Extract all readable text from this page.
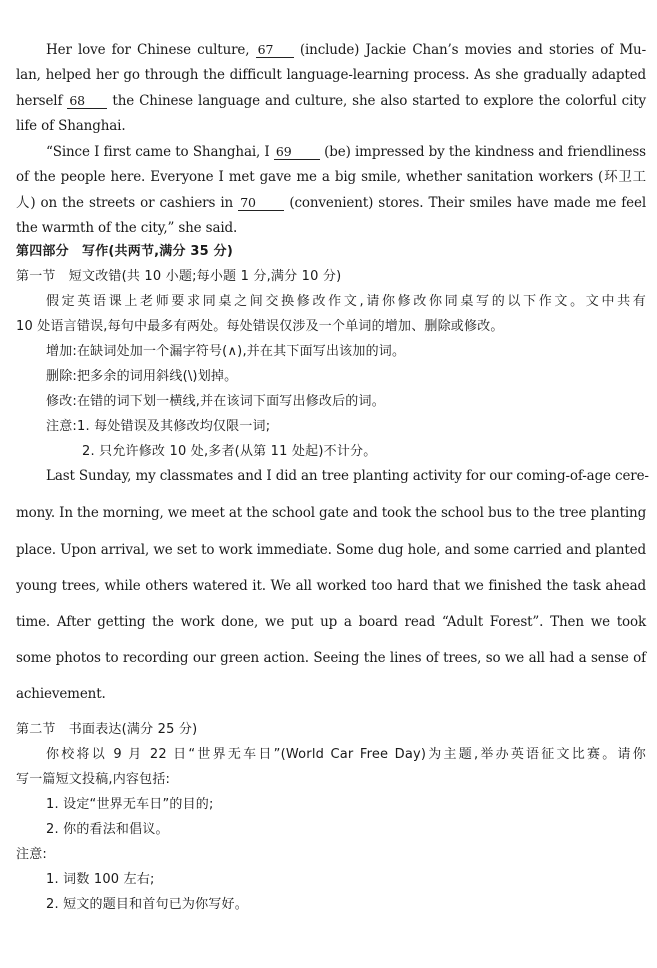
Her love for Chinese culture, 67 (include) Jackie Chan’s movies and stories of Mu-
lan, helped her go through the difficult language-learning process. As she gradually adapted
herself 68 the Chinese language and culture, she also started to explore the colorful city
life of Shanghai.
“Since I first came to Shanghai, I 69 (be) impressed by the kindness and friendliness
of the people here. Everyone I met gave me a big smile, whether sanitation workers (环卫工
人) on the streets or cashiers in 70 (convenient) stores. Their smiles have made me feel
the warmth of the city,” she said.
第四部分　写作(共两节,满分 35 分)
第一节　短文改错(共 10 小题;每小题 1 分,满分 10 分)
假定英语课上老师要求同桌之间交换修改作文,请你修改你同桌写的以下作文。文中共有
10 处语言错误,每句中最多有两处。每处错误仅涉及一个单词的增加、删除或修改。
增加:在缺词处加一个漏字符号(∧),并在其下面写出该加的词。
删除:把多余的词用斜线(\)划掉。
修改:在错的词下划一横线,并在该词下面写出修改后的词。
注意:1. 每处错误及其修改均仅限一词;
2. 只允许修改 10 处,多者(从第 11 处起)不计分。
Last Sunday, my classmates and I did an tree planting activity for our coming-of-age cere-
mony. In the morning, we meet at the school gate and took the school bus to the tree planting
place. Upon arrival, we set to work immediate. Some dug hole, and some carried and planted
young trees, while others watered it. We all worked too hard that we finished the task ahead
time. After getting the work done, we put up a board read “Adult Forest”. Then we took
some photos to recording our green action. Seeing the lines of trees, so we all had a sense of
achievement.
第二节　书面表达(满分 25 分)
你校将以 9 月 22 日“世界无车日”(World Car Free Day)为主题,举办英语征文比赛。请你
写一篇短文投稿,内容包括:
1. 设定“世界无车日”的目的;
2. 你的看法和倡议。
注意:
1. 词数 100 左右;
2. 短文的题目和首句已为你写好。
